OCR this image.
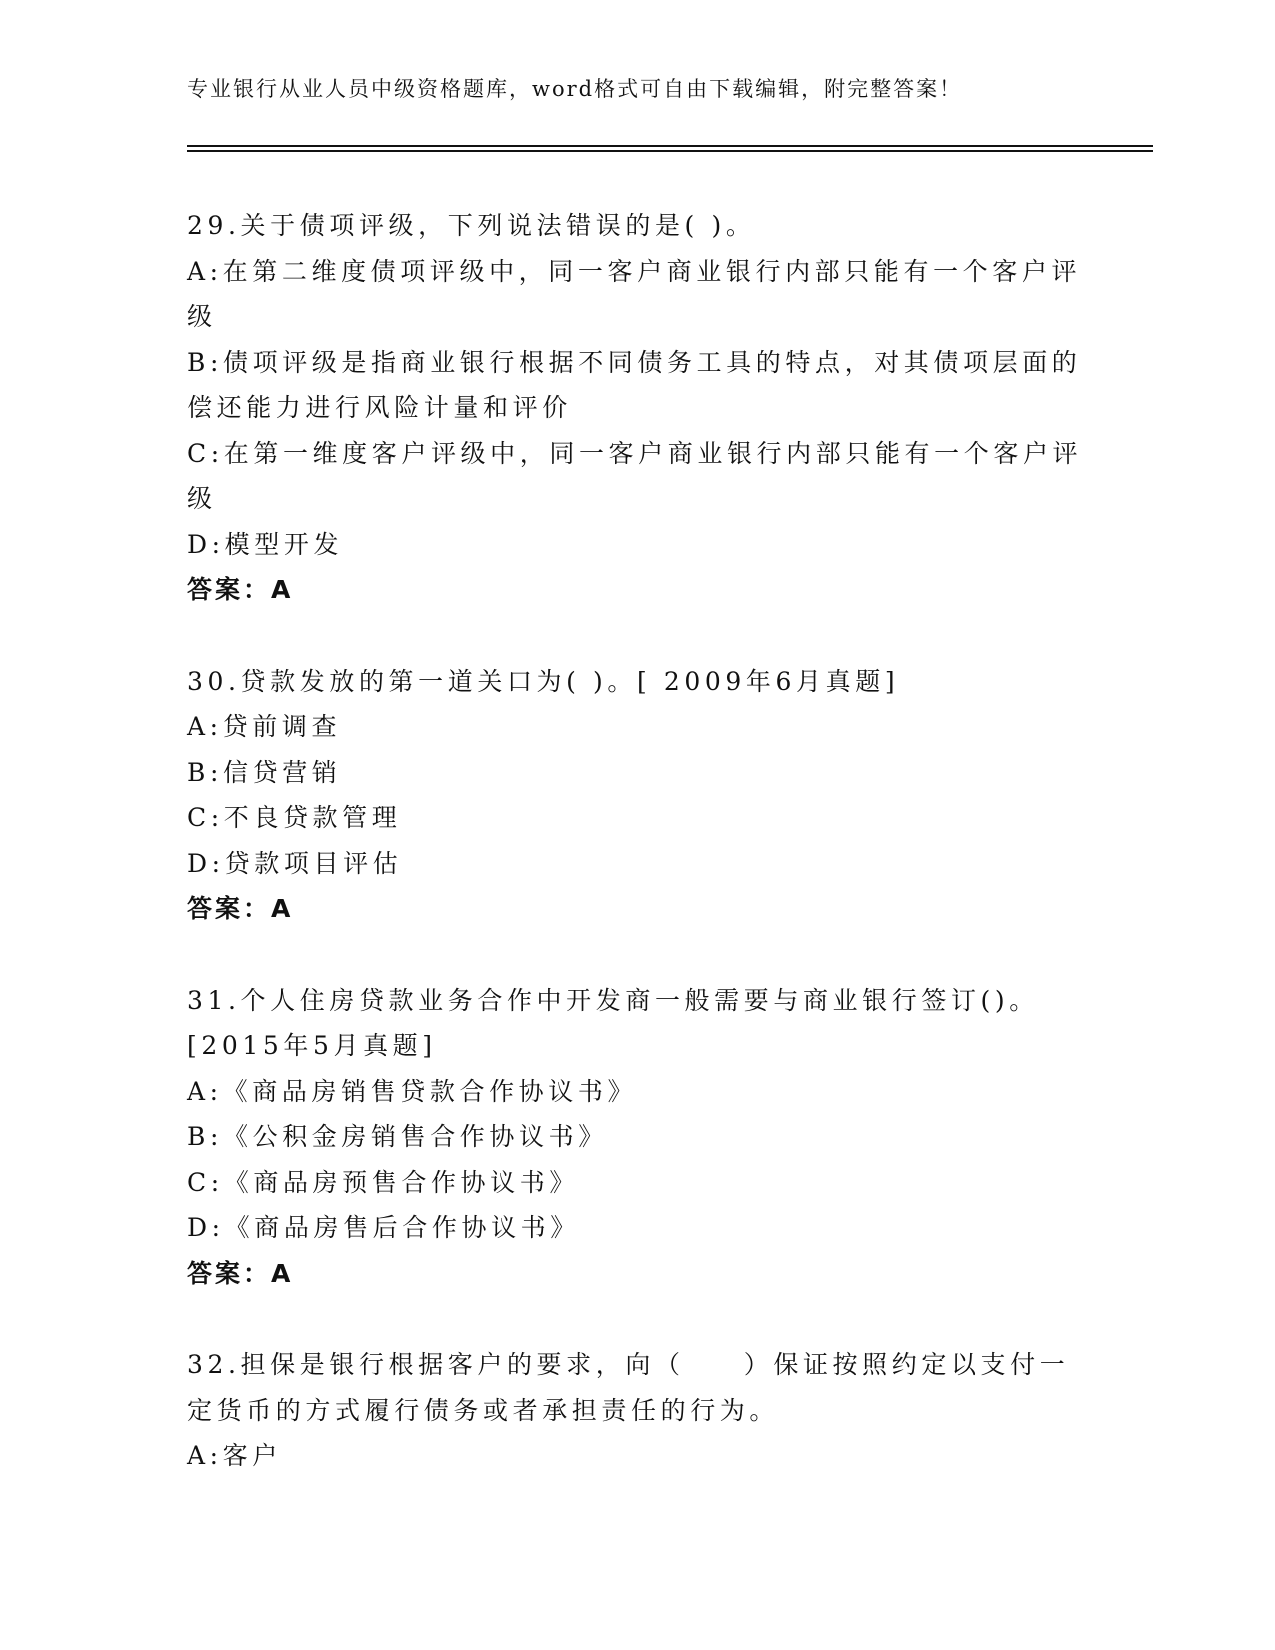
专业银行从业人员中级资格题库，word格式可自由下载编辑，附完整答案！

29.关于债项评级，下列说法错误的是( )。

A:在第二维度债项评级中，同一客户商业银行内部只能有一个客户评级

B:债项评级是指商业银行根据不同债务工具的特点，对其债项层面的偿还能力进行风险计量和评价

C:在第一维度客户评级中，同一客户商业银行内部只能有一个客户评级

D:模型开发

答案：A

30.贷款发放的第一道关口为( )。[ 2009年6月真题]

A:贷前调查

B:信贷营销

C:不良贷款管理

D:贷款项目评估

答案：A

31.个人住房贷款业务合作中开发商一般需要与商业银行签订()。[2015年5月真题]

A:《商品房销售贷款合作协议书》

B:《公积金房销售合作协议书》

C:《商品房预售合作协议书》

D:《商品房售后合作协议书》

答案：A

32.担保是银行根据客户的要求，向（　　）保证按照约定以支付一定货币的方式履行债务或者承担责任的行为。

A:客户
